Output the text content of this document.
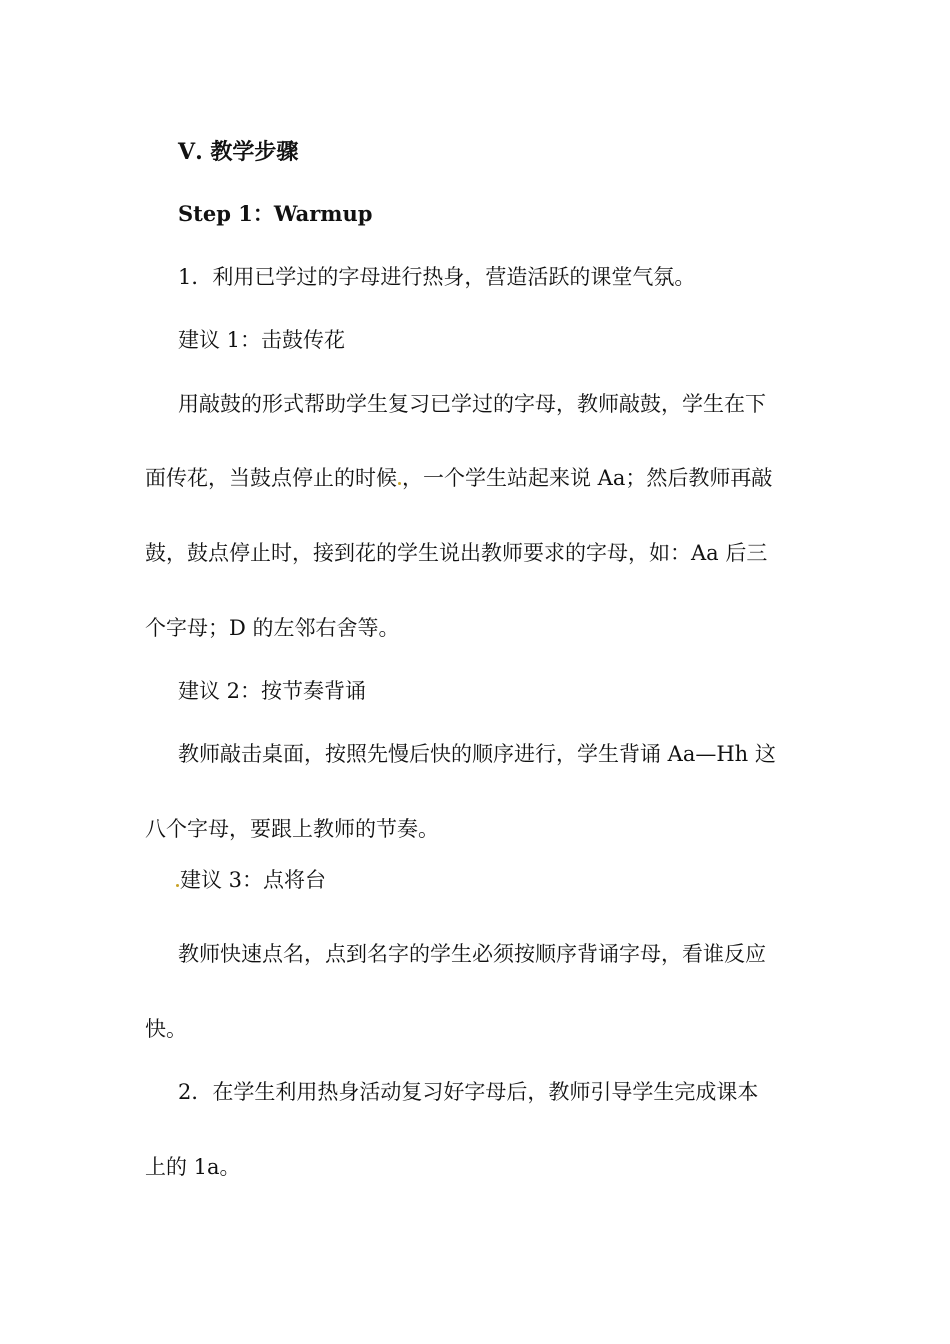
Ⅴ. 教学步骤
Step 1：Warmup
1．利用已学过的字母进行热身，营造活跃的课堂气氛。
建议 1：击鼓传花
用敲鼓的形式帮助学生复习已学过的字母，教师敲鼓，学生在下
面传花，当鼓点停止的时候 ，一个学生站起来说 Aa；然后教师再敲
鼓，鼓点停止时，接到花的学生说出教师要求的字母，如：Aa 后三
个字母；D 的左邻右舍等。
建议 2：按节奏背诵
教师敲击桌面，按照先慢后快的顺序进行，学生背诵 Aa—Hh 这
八个字母，要跟上教师的节奏。
建议 3：点将台
教师快速点名，点到名字的学生必须按顺序背诵字母，看谁反应
快。
2．在学生利用热身活动复习好字母后，教师引导学生完成课本
上的 1a。
